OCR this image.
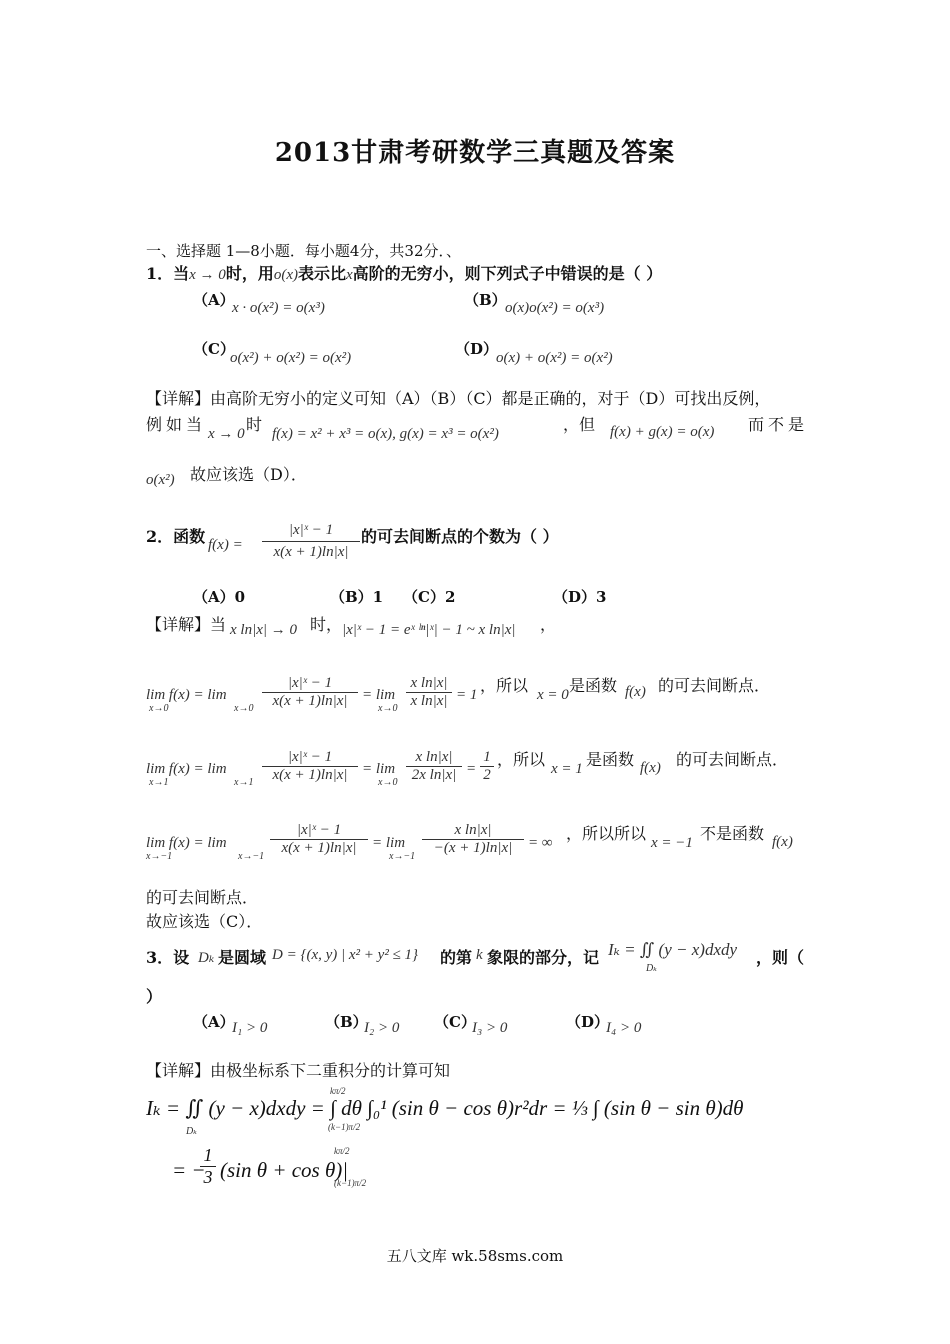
2013甘肃考研数学三真题及答案
一、选择题 1—8小题．每小题4分，共32分．、
1．当x → 0时，用o(x)表示比x高阶的无穷小，则下列式子中错误的是（ ）
（A）
x · o(x²) = o(x³)	（B）
o(x)o(x²) = o(x³)
（C）
o(x²) + o(x²) = o(x²)	（D）
o(x) + o(x²) = o(x²)
【详解】由高阶无穷小的定义可知（A）（B）（C）都是正确的，对于（D）可找出反例，
例如当 x → 0 时 f(x) = x² + x³ = o(x), g(x) = x³ = o(x²)	，但 f(x) + g(x) = o(x) 而不是
o(x²) 故应该选（D）．
2．函数 $f(x) = \frac{\text{|x|ˣ − 1}}{x(x + 1)\ln|x|}$ 的可去间断点的个数为（ ）
（A）0	（B）1 （C）2	（D）3
【详解】当 x ln|x| → 0 时， |x|ˣ − 1 = eˣ ˡⁿ|ˣ| − 1 ~ x ln|x| ，
lim f(x) = lim
x→0	x→0
|x|ˣ − 1
x(x + 1)ln|x| = lim
x→0
x ln|x|
x ln|x| = 1 ，所以 x = 0 是函数 f(x) 的可去间断点．
lim f(x) = lim
x→1	x→1
|x|ˣ − 1
x(x + 1)ln|x| = lim
x→0
x ln|x|
2x $\ln|x| = \frac{1}{2}$ ，所以 x = 1 是函数 f(x) 的可去间断点．
lim f(x) = lim
x→−1	x→−1
|x|ˣ − 1
x(x + 1)ln|x|	= lim
x→−1
x ln|x|
−(x + 1)ln|x|	= ∞ ，所以所以 x = −1 不是函数 f(x)
的可去间断点．
故应该选（C）．
3．设 Dₖ 是圆域 D = {(x, y) | x² + y² ≤ 1} 的第 k 象限的部分，记 Iₖ = ∬ (y − x)dxdy
Dₖ
，则（
）
（A）
I₁ > 0	（B）
I₂ > 0 （C）
I₃ > 0	（D）
I₄ > 0
【详解】由极坐标系下二重积分的计算可知
Iₖ = ∬ (y − x)dxdy = ∫ dθ ∫₀¹ (sin θ − cos θ)r²dr = ⅓ ∫ (sin θ − sin θ)dθ
Dₖ
kπ/2
(k−1)π/2
= −
$\frac{1}{3} (\sin$ θ + cos θ)|
kπ/2
(k−1)π/2
五八文库 wk.58sms.com
